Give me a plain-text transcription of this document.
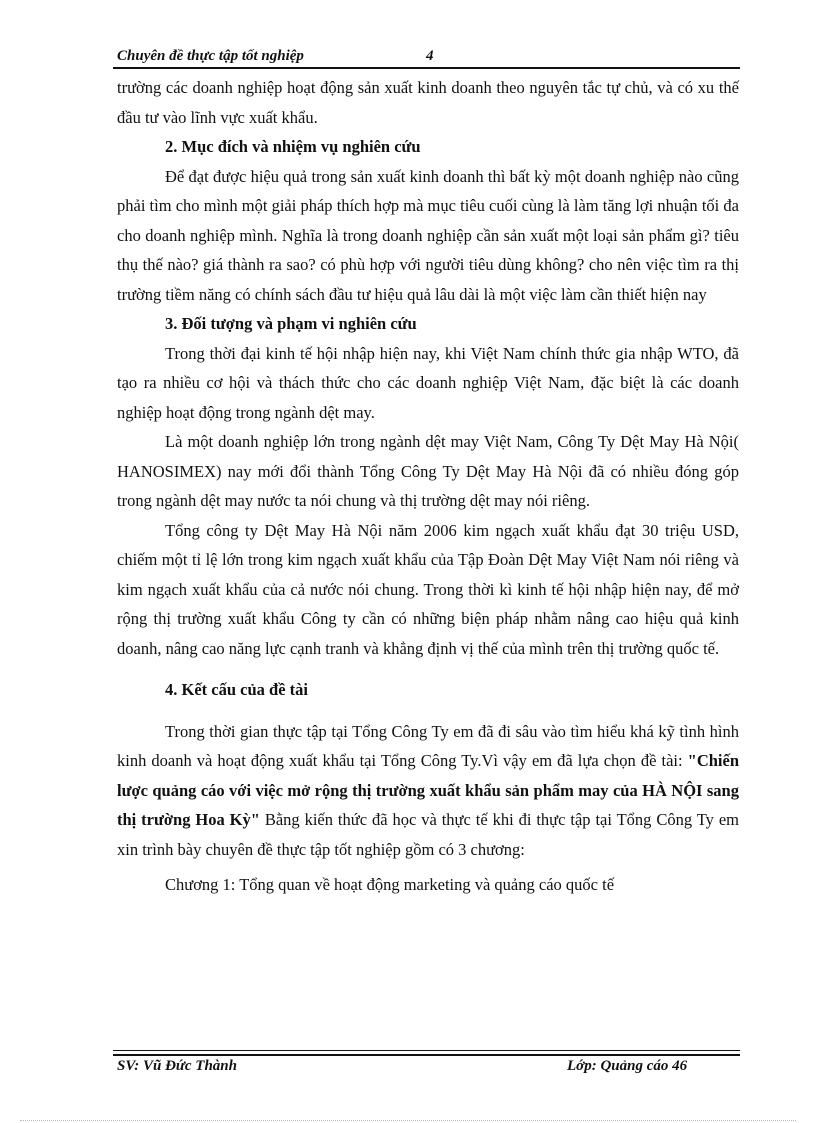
Chuyên đề thực tập tốt nghiệp	4

trường các doanh nghiệp hoạt động sản xuất kinh doanh theo nguyên tắc tự chủ, và có xu thế đầu tư vào lĩnh vực xuất khẩu.

2. Mục đích và nhiệm vụ nghiên cứu

Để đạt được hiệu quả trong sản xuất kinh doanh thì bất kỳ một doanh nghiệp nào cũng phải tìm cho mình một giải pháp thích hợp mà mục tiêu cuối cùng là làm tăng lợi nhuận tối đa cho doanh nghiệp mình. Nghĩa là trong doanh nghiệp cần sản xuất một loại sản phẩm gì? tiêu thụ thế nào? giá thành ra sao? có phù hợp với người tiêu dùng không? cho nên việc tìm ra thị trường tiềm năng có chính sách đầu tư hiệu quả lâu dài là một việc làm cần thiết hiện nay

3. Đối tượng và phạm vi nghiên cứu

Trong thời đại kinh tế hội nhập hiện nay, khi Việt Nam chính thức gia nhập WTO, đã tạo ra nhiều cơ hội và thách thức cho các doanh nghiệp Việt Nam, đặc biệt là các doanh nghiệp hoạt động trong ngành dệt may.

Là một doanh nghiệp lớn trong ngành dệt may Việt Nam, Công Ty Dệt May Hà Nội( HANOSIMEX) nay mới đổi thành Tổng Công Ty Dệt May Hà Nội đã có nhiều đóng góp trong ngành dệt may nước ta nói chung và thị trường dệt may nói riêng.

Tổng công ty Dệt May Hà Nội năm 2006 kim ngạch xuất khẩu đạt 30 triệu USD, chiếm một tỉ lệ lớn trong kim ngạch xuất khẩu của Tập Đoàn Dệt May Việt Nam nói riêng và kim ngạch xuất khẩu của cả nước nói chung. Trong thời kì kinh tế hội nhập hiện nay, để mở rộng thị trường xuất khẩu Công ty cần có những biện pháp nhằm nâng cao hiệu quả kinh doanh, nâng cao năng lực cạnh tranh và khẳng định vị thế của mình trên thị trường quốc tế.

4. Kết cấu của đề tài

Trong thời gian thực tập tại Tổng Công Ty em đã đi sâu vào tìm hiểu khá kỹ tình hình kinh doanh và hoạt động xuất khẩu tại Tổng Công Ty.Vì vậy em đã lựa chọn đề tài: "Chiến lược quảng cáo với việc mở rộng thị trường xuất khẩu sản phẩm may của HÀ NỘI sang thị trường Hoa Kỳ" Bằng kiến thức đã học và thực tế khi đi thực tập tại Tổng Công Ty em xin trình bày chuyên đề thực tập tốt nghiệp gồm có 3 chương:

Chương 1: Tổng quan về hoạt động marketing và quảng cáo quốc tế

SV: Vũ Đức Thành	Lớp: Quảng cáo 46
